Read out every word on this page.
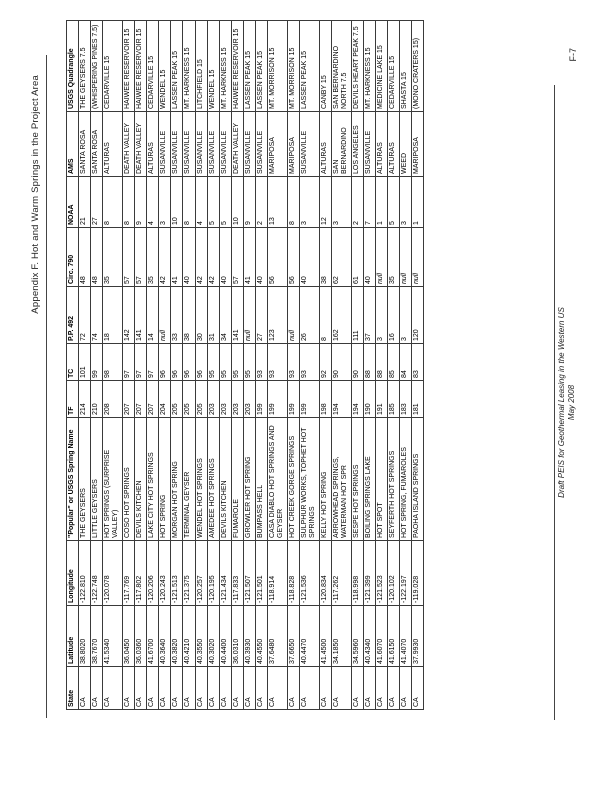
Appendix F. Hot and Warm Springs in the Project Area
State	Latitude	Longitude	"Popular" or USGS Spring Name	TF	TC	P.P. 492	Circ. 790	NOAA	AMS	USGS Quadrangle
CA	38.8020	-122.810	THE GEYSERS	214	101	72	48	21	SANTA ROSA	THE GEYSERS 7.5
CA	38.7670	-122.748	LITTLE GEYSERS	210	99	74	48	27	SANTA ROSA	(WHISPERING PINES 7.5)
CA	41.5340	-120.078	HOT SPRINGS (SURPRISE VALLEY)	208	98	18	35	8	ALTURAS	CEDARVILLE 15
CA	36.0450	-117.769	COSO HOT SPRINGS	207	97	142	57	8	DEATH VALLEY	HAIWEE RESERVOIR 15
CA	36.0360	-117.802	DEVILS KITCHEN	207	97	141	57	9	DEATH VALLEY	HAIWEE RESERVOIR 15
CA	41.6700	-120.206	LAKE CITY HOT SPRINGS	207	97	14	35	4	ALTURAS	CEDARVILLE 15
CA	40.3640	-120.243	HOT SPRING	204	96	null	42	3	SUSANVILLE	WENDEL 15
CA	40.3820	-121.513	MORGAN HOT SPRING	205	96	33	41	10	SUSANVILLE	LASSEN PEAK 15
CA	40.4210	-121.375	TERMINAL GEYSER	205	96	38	40	8	SUSANVILLE	MT. HARKNESS 15
CA	40.3550	-120.257	WENDEL HOT SPRINGS	205	96	30	42	4	SUSANVILLE	LITCHFIELD 15
CA	40.3020	-120.195	AMEDEE HOT SPRINGS	203	95	31	42	5	SUSANVILLE	WENDEL 15
CA	40.4400	-121.434	DEVILS KITCHEN	203	95	34	40	5	SUSANVILLE	MT. HARKNESS 15
CA	36.0310	-117.833	FUMAROLE	203	95	141	57	10	DEATH VALLEY	HAIWEE RESERVOIR 15
CA	40.3930	-121.507	GROWLER HOT SPRING	203	95	null	41	9	SUSANVILLE	LASSEN PEAK 15
CA	40.4550	-121.501	BUMPASS HELL	199	93	27	40	2	SUSANVILLE	LASSEN PEAK 15
CA	37.6480	-118.914	CASA DIABLO HOT SPRINGS AND GEYSER	199	93	123	56	13	MARIPOSA	MT. MORRISON 15
CA	37.6650	-118.828	HOT CREEK GORGE SPRINGS	199	93	null	56	8	MARIPOSA	MT. MORRISON 15
CA	40.4470	-121.536	SULPHUR WORKS, TOPHET HOT SPRINGS	199	93	26	40	3	SUSANVILLE	LASSEN PEAK 15
CA	41.4500	-120.834	KELLY HOT SPRING	198	92	8	38	12	ALTURAS	CANBY 15
CA	34.1850	-117.262	ARROWHEAD SPRINGS, WATERMAN HOT SPR	194	90	162	62	3	SAN BERNARDINO	SAN BERNARDINO NORTH 7.5
CA	34.5960	-118.998	SESPE HOT SPRINGS	194	90	111	61	2	LOS ANGELES	DEVILS HEART PEAK 7.5
CA	40.4340	-121.399	BOILING SPRINGS LAKE	190	88	37	40	7	SUSANVILLE	MT. HARKNESS 15
CA	41.6070	-121.523	HOT SPOT	191	88	3	null	1	ALTURAS	MEDICINE LAKE 15
CA	41.6150	-120.102	SEYFERTH HOT SPRINGS	185	85	16	35	5	ALTURAS	CEDARVILLE 15
CA	41.4070	-122.197	HOT SPRING, FUMAROLES	183	84	3	null	3	WEED	SHASTA 15
CA	37.9930	-119.028	PAOHA ISLAND SPRINGS	181	83	120	null	1	MARIPOSA	(MONO CRATERS 15)
Draft PEIS for Geothermal Leasing in the Western US May 2008
F-7
